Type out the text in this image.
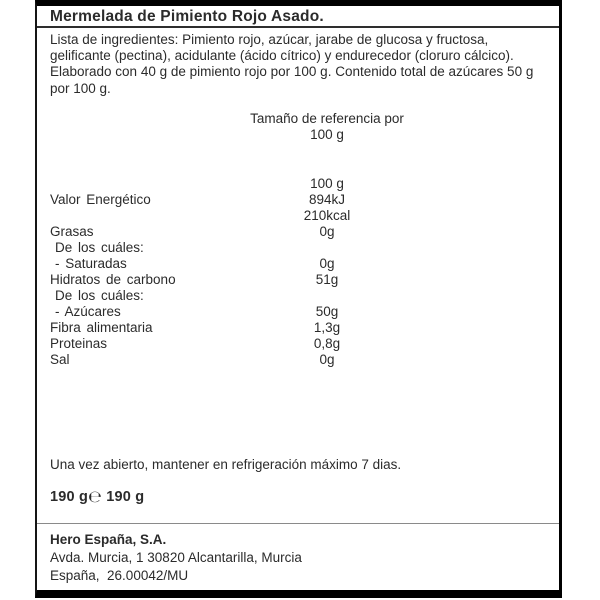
Mermelada de Pimiento Rojo Asado.
Lista de ingredientes: Pimiento rojo, azúcar, jarabe de glucosa y fructosa,
gelificante (pectina), acidulante (ácido cítrico) y endurecedor (cloruro cálcico).
Elaborado con 40 g de pimiento rojo por 100 g. Contenido total de azúcares 50 g
por 100 g.
Tamaño de referencia por
100 g
100 g
Valor Energético	894kJ
210kcal
Grasas	0g
De los cuáles:
- Saturadas	0g
Hidratos de carbono	51g
De los cuáles:
- Azúcares	50g
Fibra alimentaria	1,3g
Proteinas	0,8g
Sal	0g
Una vez abierto, mantener en refrigeración máximo 7 dias.
190 g℮ 190 g
Hero España, S.A.
Avda. Murcia, 1 30820 Alcantarilla, Murcia
España,  26.00042/MU
